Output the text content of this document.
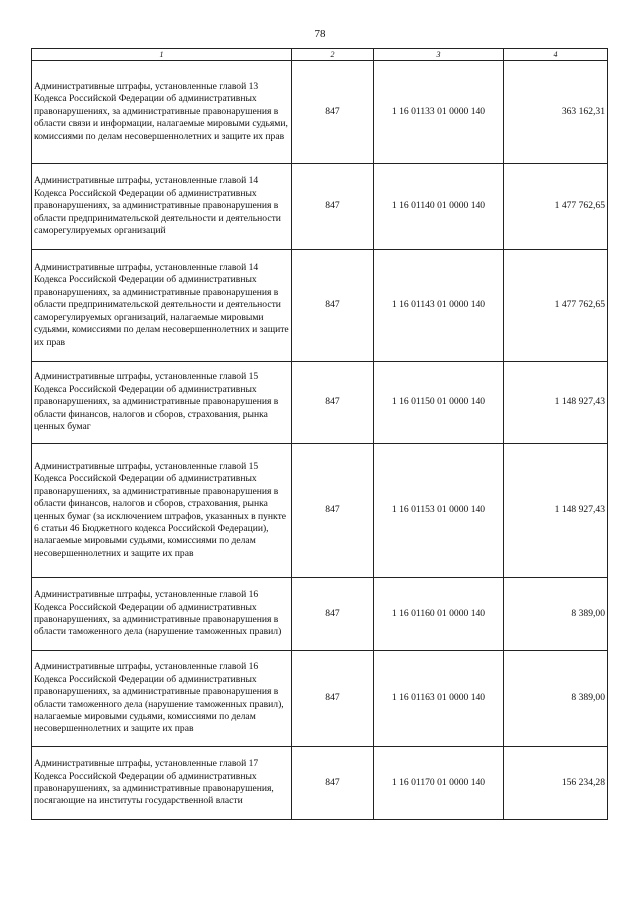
78
1	2	3	4
Административные штрафы, установленные главой 13 Кодекса Российской Федерации об административных правонарушениях, за административные правонарушения в области связи и информации, налагаемые мировыми судьями, комиссиями по делам несовершеннолетних и защите их прав	847	1 16 01133 01 0000 140	363 162,31
Административные штрафы, установленные главой 14 Кодекса Российской Федерации об административных правонарушениях, за административные правонарушения в области предпринимательской деятельности и деятельности саморегулируемых организаций	847	1 16 01140 01 0000 140	1 477 762,65
Административные штрафы, установленные главой 14 Кодекса Российской Федерации об административных правонарушениях, за административные правонарушения в области предпринимательской деятельности и деятельности саморегулируемых организаций, налагаемые мировыми судьями, комиссиями по делам несовершеннолетних и защите их прав	847	1 16 01143 01 0000 140	1 477 762,65
Административные штрафы, установленные главой 15 Кодекса Российской Федерации об административных правонарушениях, за административные правонарушения в области финансов, налогов и сборов, страхования, рынка ценных бумаг	847	1 16 01150 01 0000 140	1 148 927,43
Административные штрафы, установленные главой 15 Кодекса Российской Федерации об административных правонарушениях, за административные правонарушения в области финансов, налогов и сборов, страхования, рынка ценных бумаг (за исключением штрафов, указанных в пункте 6 статьи 46 Бюджетного кодекса Российской Федерации), налагаемые мировыми судьями, комиссиями по делам несовершеннолетних и защите их прав	847	1 16 01153 01 0000 140	1 148 927,43
Административные штрафы, установленные главой 16 Кодекса Российской Федерации об административных правонарушениях, за административные правонарушения в области таможенного дела (нарушение таможенных правил)	847	1 16 01160 01 0000 140	8 389,00
Административные штрафы, установленные главой 16 Кодекса Российской Федерации об административных правонарушениях, за административные правонарушения в области таможенного дела (нарушение таможенных правил), налагаемые мировыми судьями, комиссиями по делам несовершеннолетних и защите их прав	847	1 16 01163 01 0000 140	8 389,00
Административные штрафы, установленные главой 17 Кодекса Российской Федерации об административных правонарушениях, за административные правонарушения, посягающие на институты государственной власти	847	1 16 01170 01 0000 140	156 234,28
